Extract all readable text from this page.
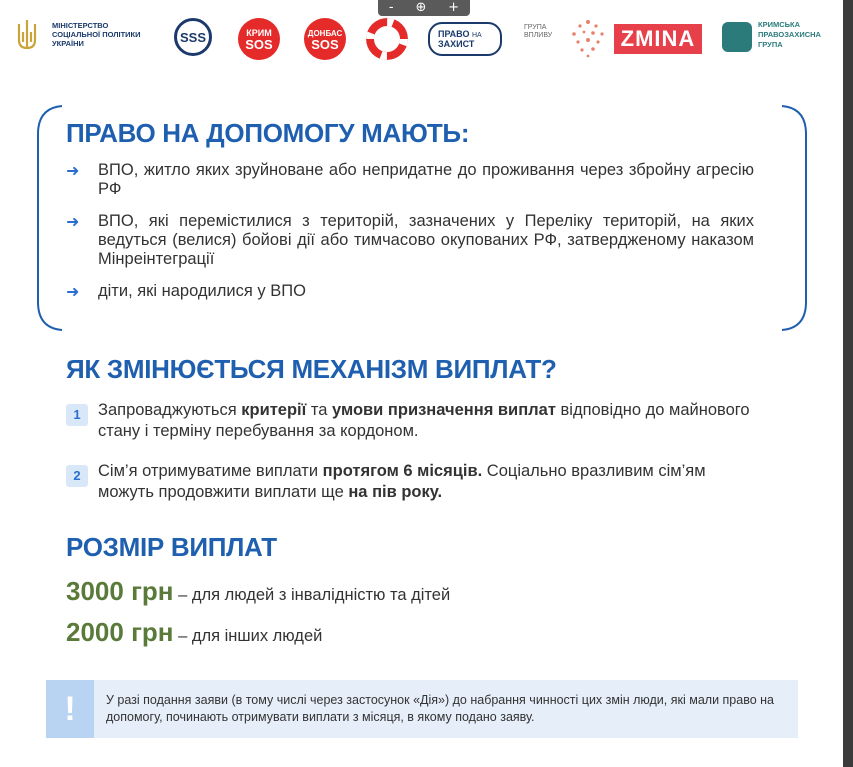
- ⊕ +
МІНІСТЕРСТВО
СОЦІАЛЬНОЇ ПОЛІТИКИ
УКРАЇНИ	SSS	КРИМ
SOS
ДОНБАС
SOS
ПРАВО НА
ЗАХИСТ
ГРУПА
ВПЛИВУ	ZMINA
КРИМСЬКА
ПРАВОЗАХИСНА
ГРУПА
ПРАВО НА ДОПОМОГУ МАЮТЬ:
➜ ВПО, житло яких зруйноване або непридатне до проживання через збройну агресію РФ
➜ ВПО, які перемістилися з територій, зазначених у Переліку територій, на яких ведуться (велися) бойові дії або тимчасово окупованих РФ, затвердженому наказом Мінреінтеграції
➜ діти, які народилися у ВПО
ЯК ЗМІНЮЄТЬСЯ МЕХАНІЗМ ВИПЛАТ?
1	Запроваджуються критерії та умови призначення виплат відповідно до майнового стану і терміну перебування за кордоном.
2	Сім’я отримуватиме виплати протягом 6 місяців. Соціально вразливим сім’ям можуть продовжити виплати ще на пів року.
РОЗМІР ВИПЛАТ
3000 грн – для людей з інвалідністю та дітей
2000 грн – для інших людей
!	У разі подання заяви (в тому числі через застосунок «Дія») до набрання чинності цих змін люди, які мали право на допомогу, починають отримувати виплати з місяця, в якому подано заяву.
